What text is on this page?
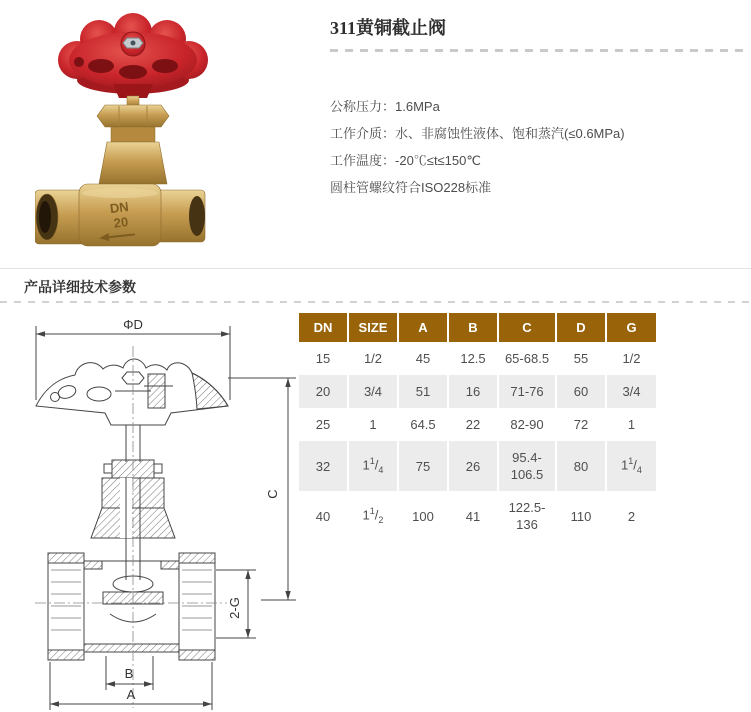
DN
20
311黄铜截止阀
公称压力：1.6MPa
工作介质：水、非腐蚀性液体、饱和蒸汽(≤0.6MPa)
工作温度：-20℃≤t≤150℃
圆柱管螺纹符合ISO228标准
产品详细技术参数
ΦD
C
2-G
B
A
DN	SIZE	A	B	C	D	G
15	1/2	45	12.5	65-68.5	55	1/2
20	3/4	51	16	71-76	60	3/4
25	1	64.5	22	82-90	72	1
32	$1^1/_4$	75	26	95.4-106.5	80	$1^1/_4$
40	$1^1/_2$	100	41	122.5-136	110	2
